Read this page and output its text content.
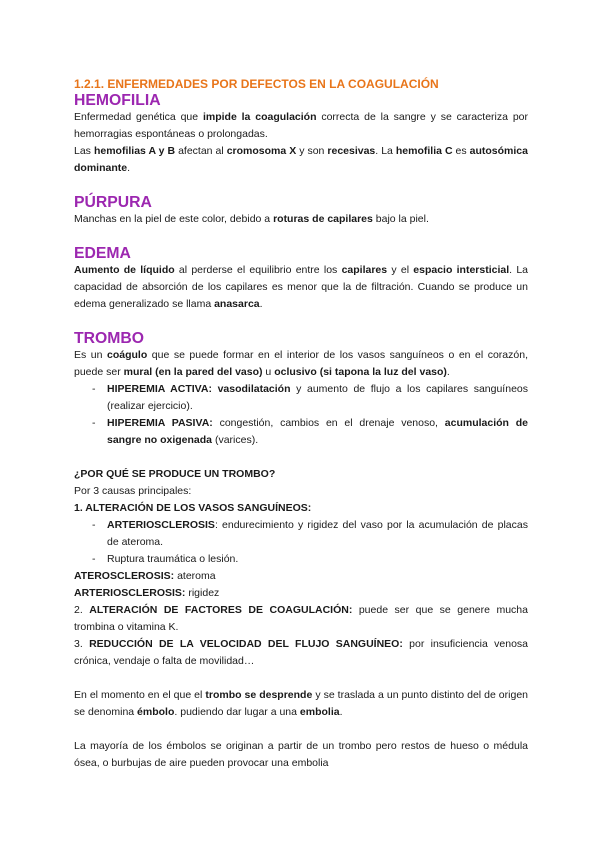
1.2.1. ENFERMEDADES POR DEFECTOS EN LA COAGULACIÓN
HEMOFILIA

Enfermedad genética que impide la coagulación correcta de la sangre y se caracteriza por hemorragias espontáneas o prolongadas.

Las hemofilias A y B afectan al cromosoma X y son recesivas. La hemofilia C es autosómica dominante.

PÚRPURA

Manchas en la piel de este color, debido a roturas de capilares bajo la piel.

EDEMA

Aumento de líquido al perderse el equilibrio entre los capilares y el espacio intersticial. La capacidad de absorción de los capilares es menor que la de filtración. Cuando se produce un edema generalizado se llama anasarca.

TROMBO

Es un coágulo que se puede formar en el interior de los vasos sanguíneos o en el corazón, puede ser mural (en la pared del vaso) u oclusivo (si tapona la luz del vaso).

- HIPEREMIA ACTIVA: vasodilatación y aumento de flujo a los capilares sanguíneos (realizar ejercicio).
- HIPEREMIA PASIVA: congestión, cambios en el drenaje venoso, acumulación de sangre no oxigenada (varices).

¿POR QUÉ SE PRODUCE UN TROMBO?

Por 3 causas principales:

1. ALTERACIÓN DE LOS VASOS SANGUÍNEOS:

- ARTERIOSCLEROSIS: endurecimiento y rigidez del vaso por la acumulación de placas de ateroma.
- Ruptura traumática o lesión.

ATEROSCLEROSIS: ateroma

ARTERIOSCLEROSIS: rigidez

2. ALTERACIÓN DE FACTORES DE COAGULACIÓN: puede ser que se genere mucha trombina o vitamina K.

3. REDUCCIÓN DE LA VELOCIDAD DEL FLUJO SANGUÍNEO: por insuficiencia venosa crónica, vendaje o falta de movilidad…

En el momento en el que el trombo se desprende y se traslada a un punto distinto del de origen se denomina émbolo. pudiendo dar lugar a una embolia.

La mayoría de los émbolos se originan a partir de un trombo pero restos de hueso o médula ósea, o burbujas de aire pueden provocar una embolia
